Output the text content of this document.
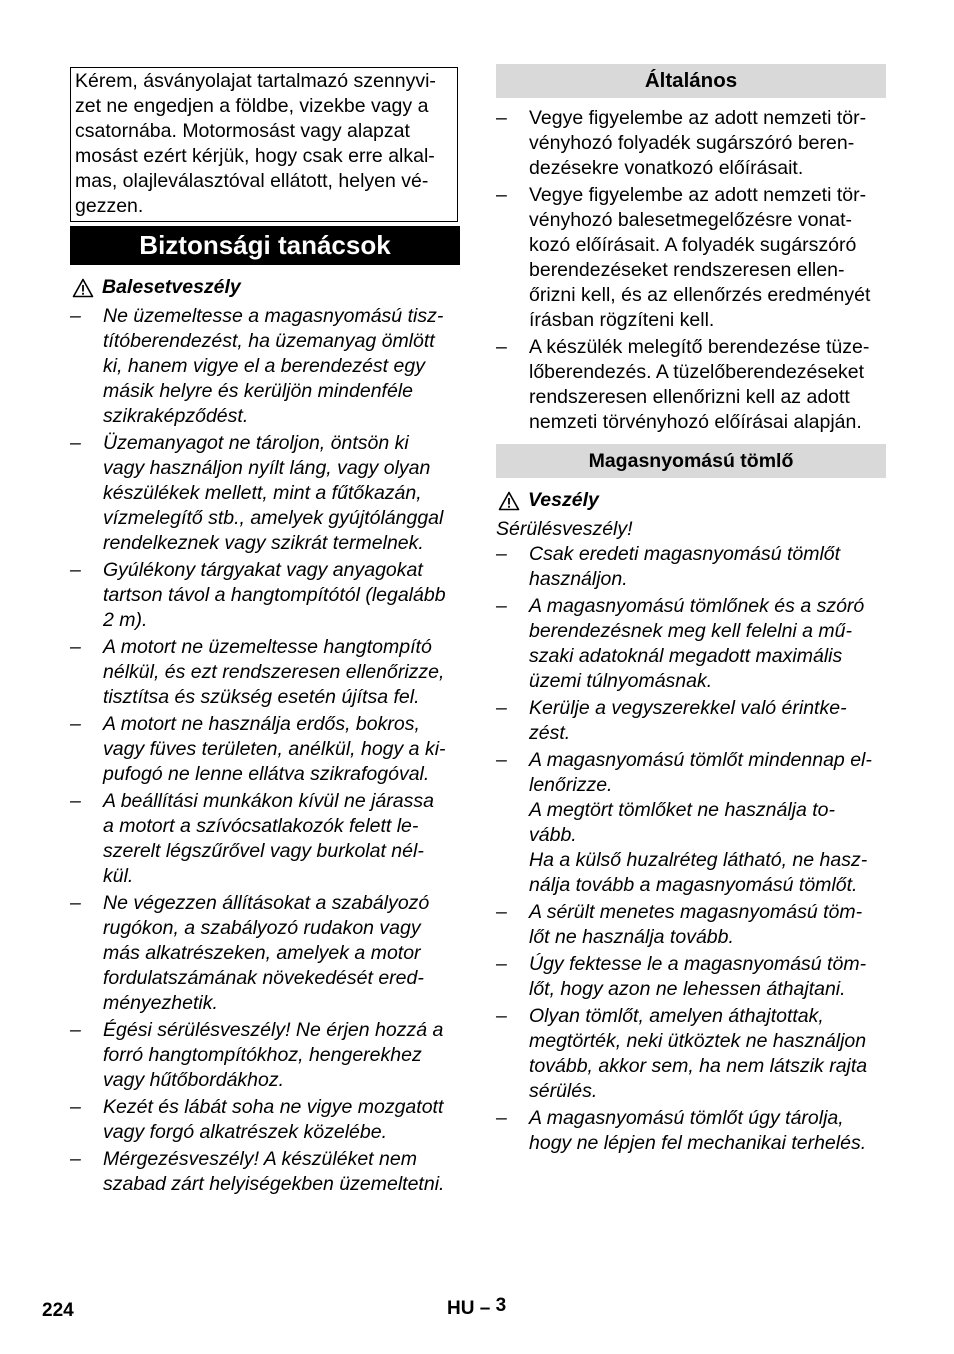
Kérem, ásványolajat tartalmazó szennyvi-
zet ne engedjen a földbe, vizekbe vagy a
csatornába. Motormosást vagy alapzat
mosást ezért kérjük, hogy csak erre alkal-
mas, olajleválasztóval ellátott, helyen vé-
gezzen.
Biztonsági tanácsok
Balesetveszély
– Ne üzemeltesse a magasnyomású tisz-
títóberendezést, ha üzemanyag ömlött
ki, hanem vigye el a berendezést egy
másik helyre és kerüljön mindenféle
szikraképződést.
– Üzemanyagot ne tároljon, öntsön ki
vagy használjon nyílt láng, vagy olyan
készülékek mellett, mint a fűtőkazán,
vízmelegítő stb., amelyek gyújtólánggal
rendelkeznek vagy szikrát termelnek.
– Gyúlékony tárgyakat vagy anyagokat
tartson távol a hangtompítótól (legalább
2 m).
– A motort ne üzemeltesse hangtompító
nélkül, és ezt rendszeresen ellenőrizze,
tisztítsa és szükség esetén újítsa fel.
– A motort ne használja erdős, bokros,
vagy füves területen, anélkül, hogy a ki-
pufogó ne lenne ellátva szikrafogóval.
– A beállítási munkákon kívül ne járassa
a motort a szívócsatlakozók felett le-
szerelt légszűrővel vagy burkolat nél-
kül.
– Ne végezzen állításokat a szabályozó
rugókon, a szabályozó rudakon vagy
más alkatrészeken, amelyek a motor
fordulatszámának növekedését ered-
ményezhetik.
– Égési sérülésveszély! Ne érjen hozzá a
forró hangtompítókhoz, hengerekhez
vagy hűtőbordákhoz.
– Kezét és lábát soha ne vigye mozgatott
vagy forgó alkatrészek közelébe.
– Mérgezésveszély! A készüléket nem
szabad zárt helyiségekben üzemeltetni.
Általános
– Vegye figyelembe az adott nemzeti tör-
vényhozó folyadék sugárszóró beren-
dezésekre vonatkozó előírásait.
– Vegye figyelembe az adott nemzeti tör-
vényhozó balesetmegelőzésre vonat-
kozó előírásait. A folyadék sugárszóró
berendezéseket rendszeresen ellen-
őrizni kell, és az ellenőrzés eredményét
írásban rögzíteni kell.
– A készülék melegítő berendezése tüze-
lőberendezés. A tüzelőberendezéseket
rendszeresen ellenőrizni kell az adott
nemzeti törvényhozó előírásai alapján.
Magasnyomású tömlő
Veszély
Sérülésveszély!
– Csak eredeti magasnyomású tömlőt
használjon.
– A magasnyomású tömlőnek és a szóró
berendezésnek meg kell felelni a mű-
szaki adatoknál megadott maximális
üzemi túlnyomásnak.
– Kerülje a vegyszerekkel való érintke-
zést.
– A magasnyomású tömlőt mindennap el-
lenőrizze.
A megtört tömlőket ne használja to-
vább.
Ha a külső huzalréteg látható, ne hasz-
nálja tovább a magasnyomású tömlőt.
– A sérült menetes magasnyomású töm-
lőt ne használja tovább.
– Úgy fektesse le a magasnyomású töm-
lőt, hogy azon ne lehessen áthajtani.
– Olyan tömlőt, amelyen áthajtottak,
megtörték, neki ütköztek ne használjon
tovább, akkor sem, ha nem látszik rajta
sérülés.
– A magasnyomású tömlőt úgy tárolja,
hogy ne lépjen fel mechanikai terhelés.
224	HU – $^3$
